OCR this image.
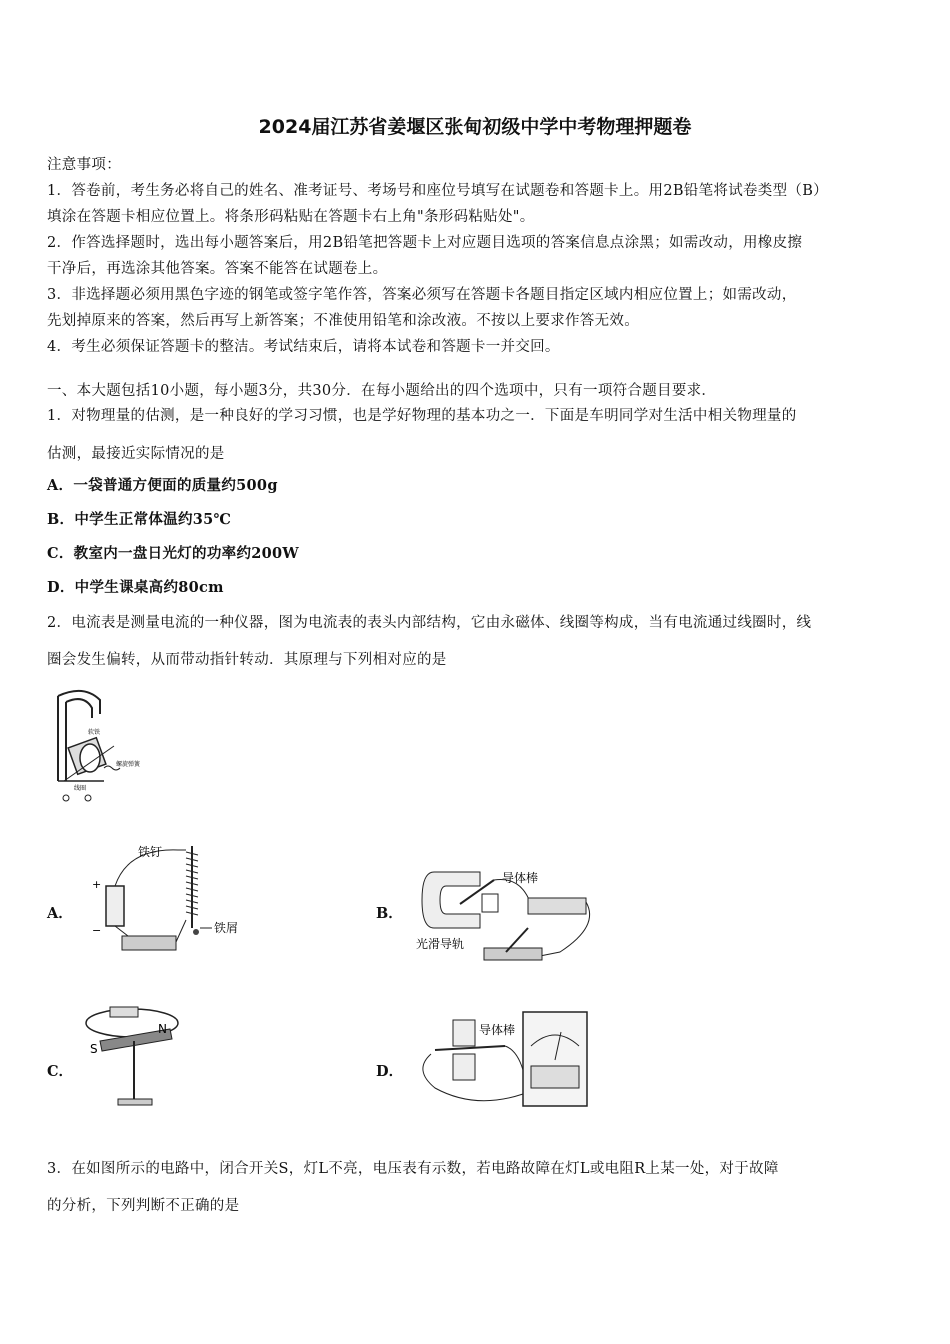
2024届江苏省姜堰区张甸初级中学中考物理押题卷
注意事项：
1．答卷前，考生务必将自己的姓名、准考证号、考场号和座位号填写在试题卷和答题卡上。用2B铅笔将试卷类型（B）
填涂在答题卡相应位置上。将条形码粘贴在答题卡右上角"条形码粘贴处"。
2．作答选择题时，选出每小题答案后，用2B铅笔把答题卡上对应题目选项的答案信息点涂黑；如需改动，用橡皮擦
干净后，再选涂其他答案。答案不能答在试题卷上。
3．非选择题必须用黑色字迹的钢笔或签字笔作答，答案必须写在答题卡各题目指定区域内相应位置上；如需改动，
先划掉原来的答案，然后再写上新答案；不准使用铅笔和涂改液。不按以上要求作答无效。
4．考生必须保证答题卡的整洁。考试结束后，请将本试卷和答题卡一并交回。
一、本大题包括10小题，每小题3分，共30分．在每小题给出的四个选项中，只有一项符合题目要求．
1．对物理量的估测，是一种良好的学习习惯，也是学好物理的基本功之一．下面是车明同学对生活中相关物理量的
估测，最接近实际情况的是
A．一袋普通方便面的质量约500g
B．中学生正常体温约35℃
C．教室内一盘日光灯的功率约200W
D．中学生课桌高约80cm
2．电流表是测量电流的一种仪器，图为电流表的表头内部结构，它由永磁体、线圈等构成，当有电流通过线圈时，线
圈会发生偏转，从而带动指针转动．其原理与下列相对应的是
软铁
螺旋弹簧
线圈
A．
+
−
铁钉
铁屑
B．
导体棒
光滑导轨
C．
S
N
D．
导体棒
3．在如图所示的电路中，闭合开关S，灯L不亮，电压表有示数，若电路故障在灯L或电阻R上某一处，对于故障
的分析，下列判断不正确的是
